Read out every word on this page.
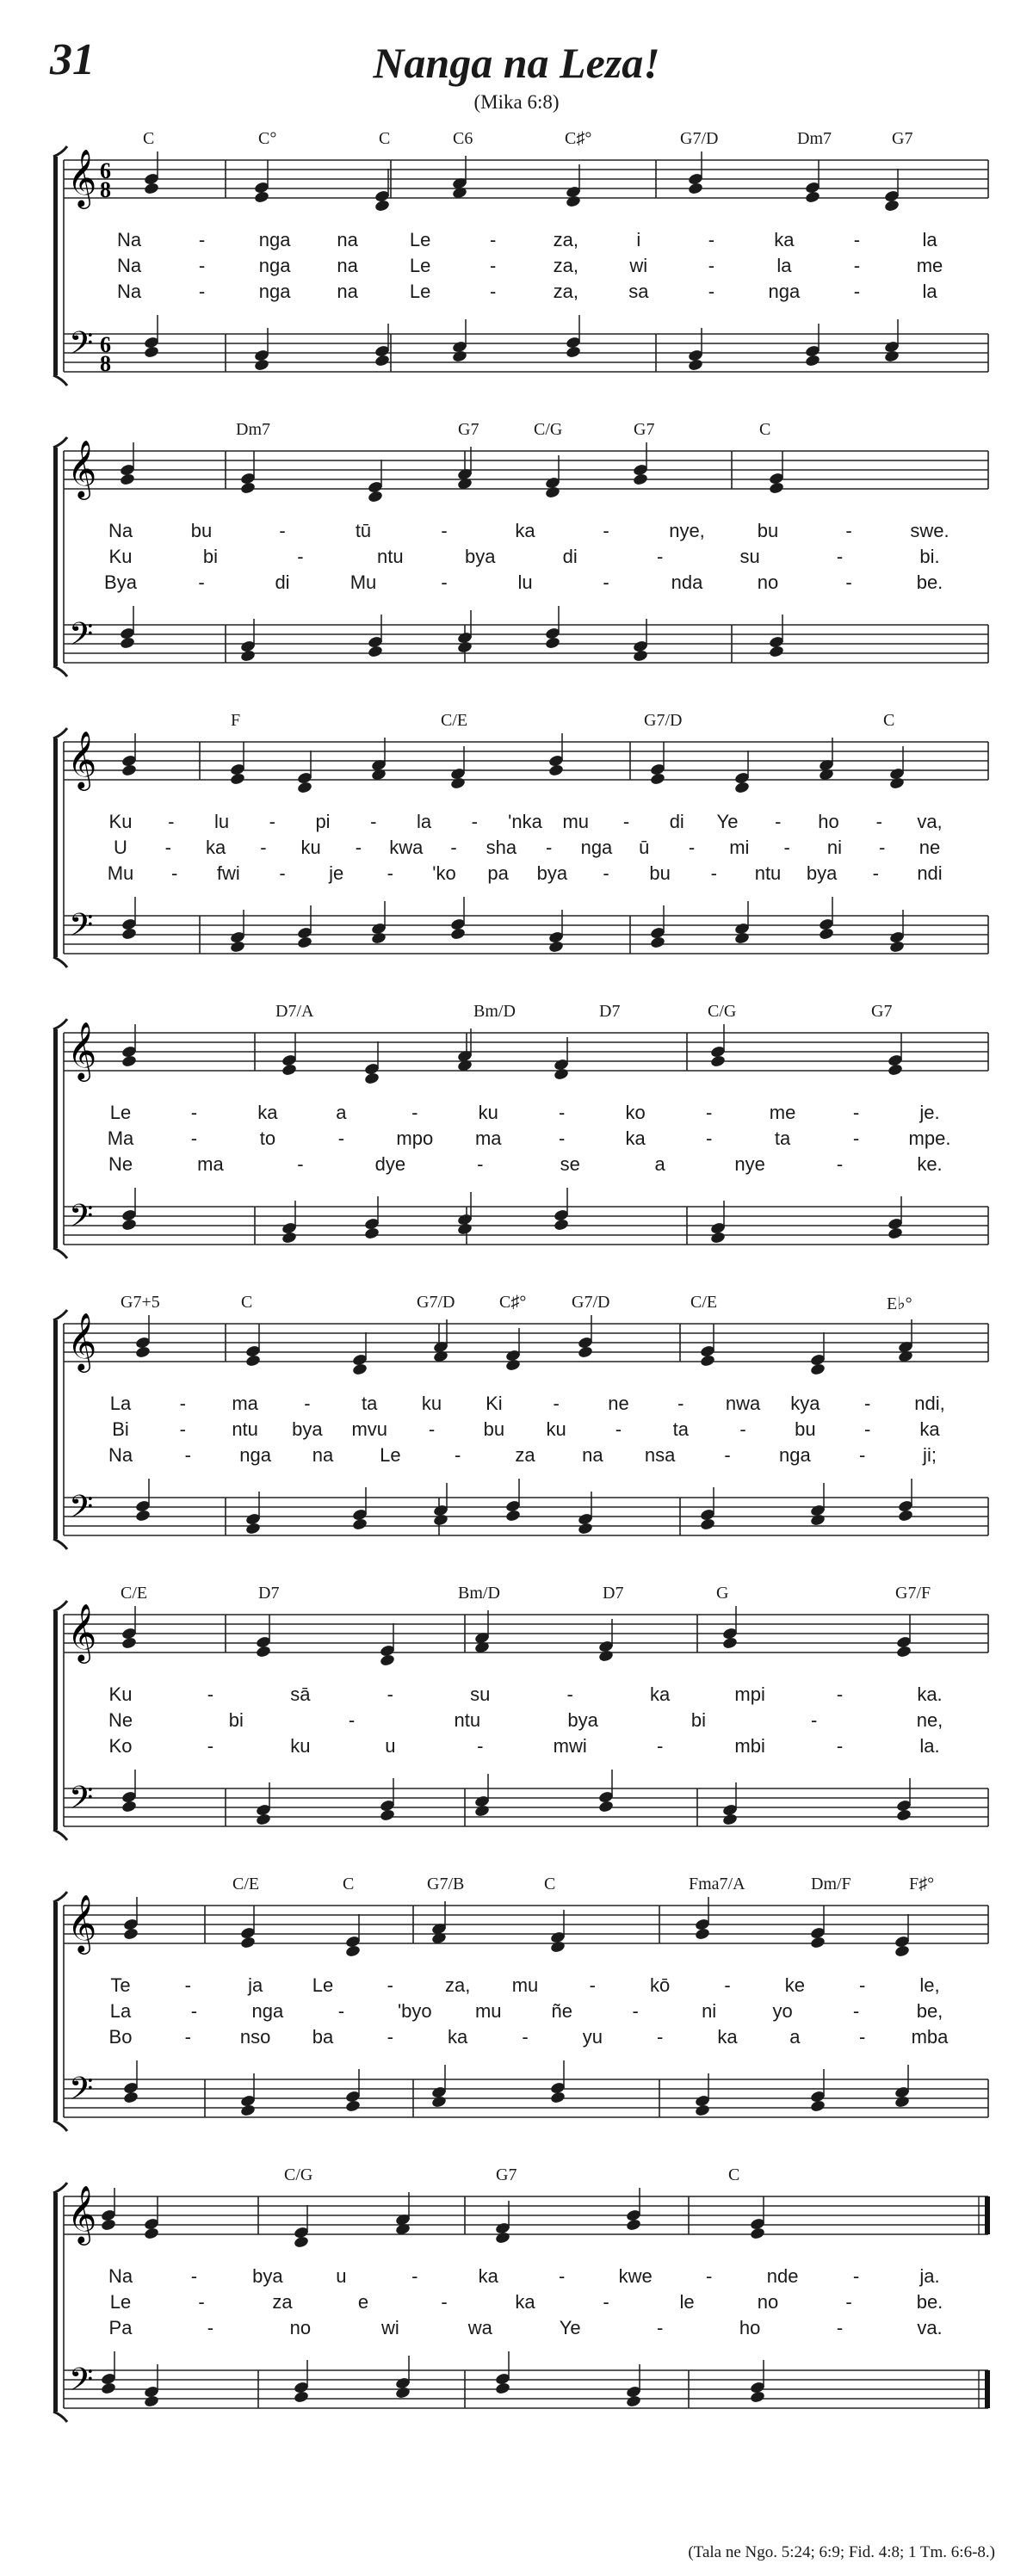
31	Nanga na Leza!
(Mika 6:8)
𝄞
𝄢
6
8
6
8
C	C°	C	C6	C♯°	G7/D	Dm7	G7
Na	-	nga na	Le	-	za,	i	-	ka	-	la
Na	-	nga na	Le	-	za,	wi	-	la	-	me
Na	-	nga na	Le	-	za,	sa	-	nga	-	la
𝄞
𝄢
Dm7	G7	C/G	G7	C
Na	bu	-	tū	-	ka	-	nye,	bu	-	swe.
Ku	bi	-	ntu	bya	di	-	su	-	bi.
Bya	-	di	Mu	-	lu	-	nda	no	-	be.
𝄞
𝄢
F	C/E	G7/D	C
Ku - lu - pi - la - 'nka mu - di Ye - ho - va,
U - ka - ku - kwa - sha - nga ū - mi - ni - ne
Mu - fwi - je - 'ko pa bya - bu - ntu bya - ndi
𝄞
𝄢
D7/A	Bm/D	D7	C/G	G7
Le	-	ka	a	-	ku	-	ko	-	me	-	je.
Ma	-	to	-	mpo ma	-	ka	-	ta	-	mpe.
Ne	ma	-	dye	-	se	a	nye	-	ke.
𝄞
𝄢
G7+5	C	G7/D	C♯°	G7/D	C/E	E♭°
La	- ma -	ta ku Ki	-	ne	- nwa kya - ndi,
Bi	- ntu bya mvu -	bu ku	-	ta	-	bu	-	ka
Na	-	nga na Le	-	za na nsa	-	nga	-	ji;
𝄞
𝄢
C/E	D7	Bm/D	D7	G	G7/F
Ku	-	sā	-	su	-	ka	mpi	-	ka.
Ne	bi	-	ntu	bya	bi	-	ne,
Ko	-	ku	u	-	mwi	-	mbi	-	la.
𝄞
𝄢
C/E	C	G7/B	C	Fma7/A	Dm/F	F♯°
Te	-	ja	Le	-	za, mu	-	kō	-	ke	-	le,
La	-	nga	-	'byo mu	ñe	-	ni	yo	-	be,
Bo	-	nso ba	-	ka	-	yu	-	ka	a	- mba
𝄞
𝄢
C/G	G7	C
Na	-	bya	u	-	ka	-	kwe	-	nde	-	ja.
Le	-	za	e	-	ka	-	le	no	-	be.
Pa	-	no	wi	wa	Ye	-	ho	-	va.
(Tala ne Ngo. 5:24; 6:9; Fid. 4:8; 1 Tm. 6:6-8.)
